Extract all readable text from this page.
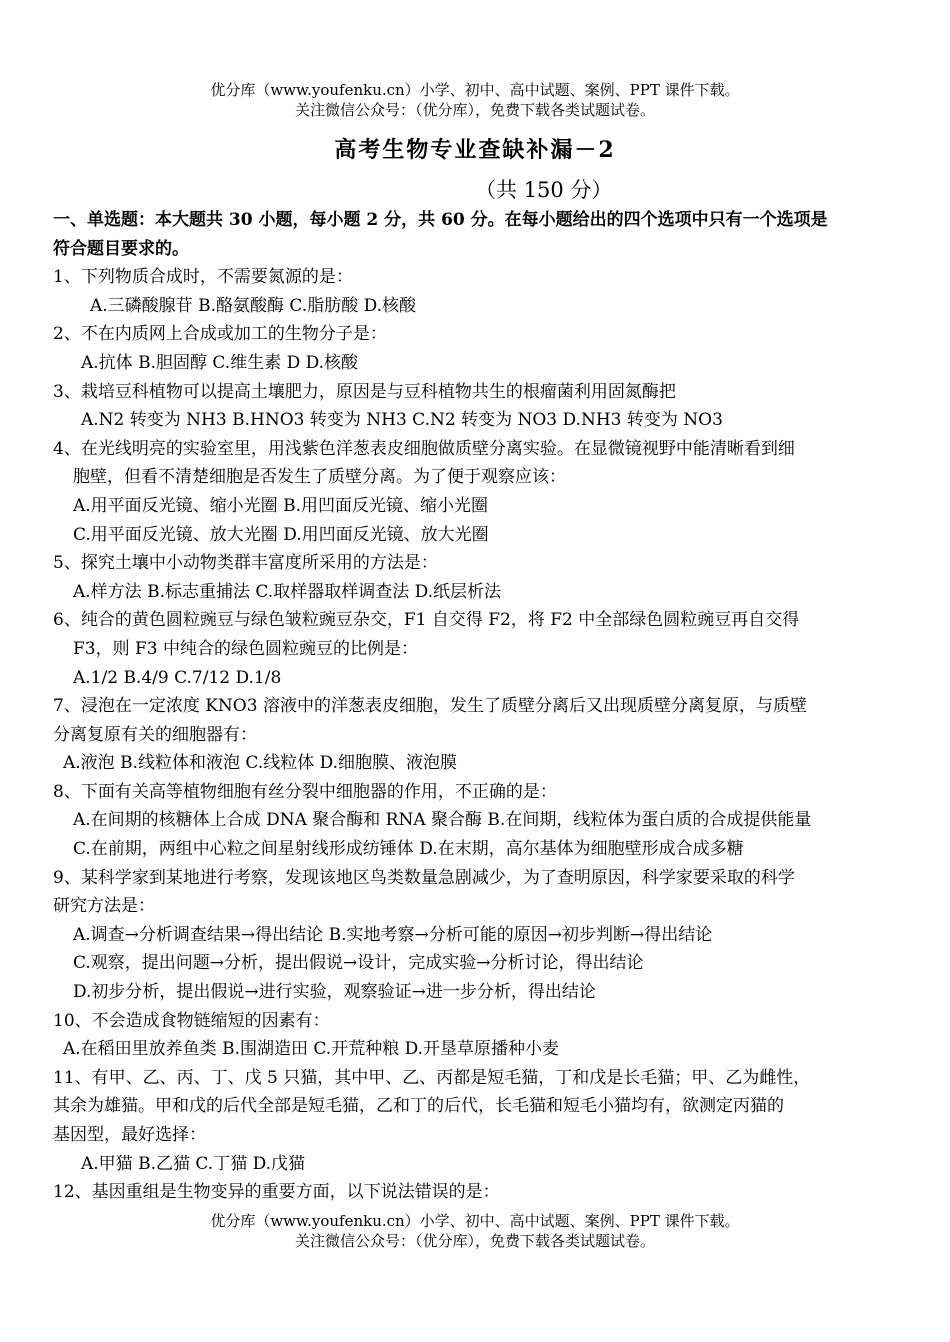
优分库（www.youfenku.cn）小学、初中、高中试题、案例、PPT 课件下载。
关注微信公众号：（优分库），免费下载各类试题试卷。
高考生物专业查缺补漏－2
（共 150 分）
一、单选题：本大题共 30 小题，每小题 2 分，共 60 分。在每小题给出的四个选项中只有一个选项是
符合题目要求的。
1、下列物质合成时，不需要氮源的是：
A.三磷酸腺苷 B.酪氨酸酶 C.脂肪酸 D.核酸
2、不在内质网上合成或加工的生物分子是：
A.抗体 B.胆固醇 C.维生素 D D.核酸
3、栽培豆科植物可以提高土壤肥力，原因是与豆科植物共生的根瘤菌利用固氮酶把
A.N2 转变为 NH3 B.HNO3 转变为 NH3 C.N2 转变为 NO3 D.NH3 转变为 NO3
4、在光线明亮的实验室里，用浅紫色洋葱表皮细胞做质壁分离实验。在显微镜视野中能清晰看到细
胞壁，但看不清楚细胞是否发生了质壁分离。为了便于观察应该：
A.用平面反光镜、缩小光圈 B.用凹面反光镜、缩小光圈
C.用平面反光镜、放大光圈 D.用凹面反光镜、放大光圈
5、探究土壤中小动物类群丰富度所采用的方法是：
A.样方法 B.标志重捕法 C.取样器取样调查法 D.纸层析法
6、纯合的黄色圆粒豌豆与绿色皱粒豌豆杂交，F1 自交得 F2，将 F2 中全部绿色圆粒豌豆再自交得
F3，则 F3 中纯合的绿色圆粒豌豆的比例是：
A.1/2 B.4/9 C.7/12 D.1/8
7、浸泡在一定浓度 KNO3 溶液中的洋葱表皮细胞，发生了质壁分离后又出现质壁分离复原，与质壁
分离复原有关的细胞器有：
A.液泡 B.线粒体和液泡 C.线粒体 D.细胞膜、液泡膜
8、下面有关高等植物细胞有丝分裂中细胞器的作用，不正确的是：
A.在间期的核糖体上合成 DNA 聚合酶和 RNA 聚合酶 B.在间期，线粒体为蛋白质的合成提供能量
C.在前期，两组中心粒之间星射线形成纺锤体 D.在末期，高尔基体为细胞壁形成合成多糖
9、某科学家到某地进行考察，发现该地区鸟类数量急剧减少，为了查明原因，科学家要采取的科学
研究方法是：
A.调查→分析调查结果→得出结论 B.实地考察→分析可能的原因→初步判断→得出结论
C.观察，提出问题→分析，提出假说→设计，完成实验→分析讨论，得出结论
D.初步分析，提出假说→进行实验，观察验证→进一步分析，得出结论
10、不会造成食物链缩短的因素有：
A.在稻田里放养鱼类 B.围湖造田 C.开荒种粮 D.开垦草原播种小麦
11、有甲、乙、丙、丁、戊 5 只猫，其中甲、乙、丙都是短毛猫，丁和戊是长毛猫；甲、乙为雌性，
其余为雄猫。甲和戊的后代全部是短毛猫，乙和丁的后代，长毛猫和短毛小猫均有，欲测定丙猫的
基因型，最好选择：
A.甲猫 B.乙猫 C.丁猫 D.戊猫
12、基因重组是生物变异的重要方面，以下说法错误的是：
优分库（www.youfenku.cn）小学、初中、高中试题、案例、PPT 课件下载。
关注微信公众号：（优分库），免费下载各类试题试卷。
